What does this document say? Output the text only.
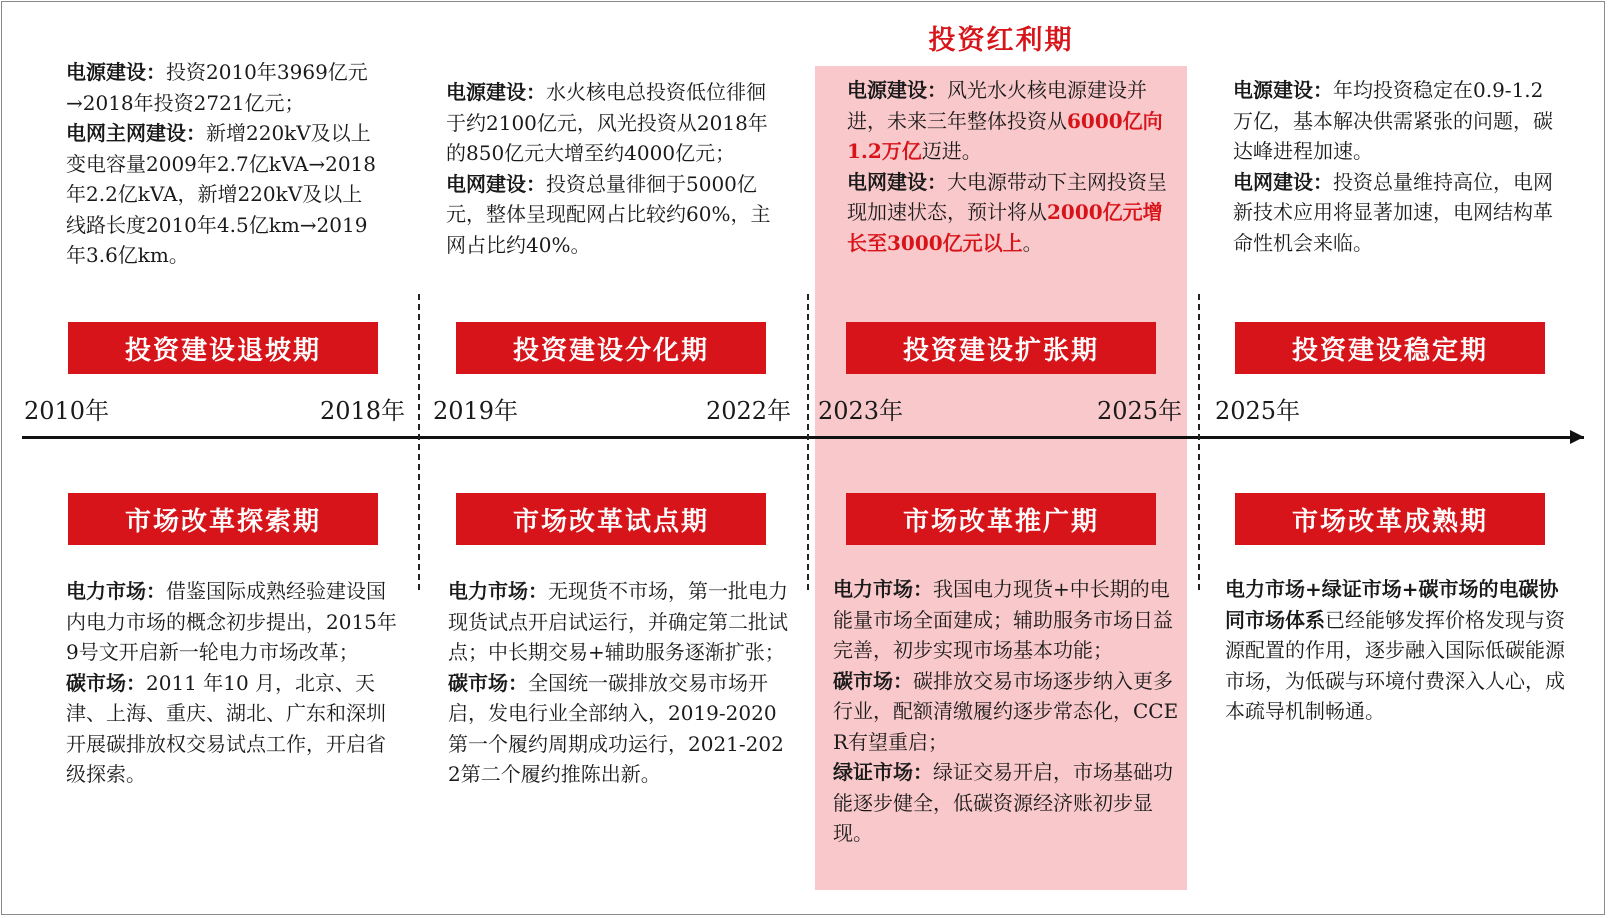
投资红利期
电源建设：投资2010年3969亿元→2018年投资2721亿元；
电网主网建设：新增220kV及以上变电容量2009年2.7亿kVA→2018年2.2亿kVA，新增220kV及以上线路长度2010年4.5亿km→2019年3.6亿km。
电源建设：水火核电总投资低位徘徊于约2100亿元，风光投资从2018年的850亿元大增至约4000亿元；
电网建设：投资总量徘徊于5000亿元，整体呈现配网占比较约60%，主网占比约40%。
电源建设：风光水火核电源建设并进，未来三年整体投资从6000亿向1.2万亿迈进。
电网建设：大电源带动下主网投资呈现加速状态，预计将从2000亿元增长至3000亿元以上。
电源建设：年均投资稳定在0.9-1.2万亿，基本解决供需紧张的问题，碳达峰进程加速。
电网建设：投资总量维持高位，电网新技术应用将显著加速，电网结构革命性机会来临。
投资建设退坡期	投资建设分化期	投资建设扩张期	投资建设稳定期
2010年	2018年 2019年	2022年 2023年	2025年 2025年
市场改革探索期	市场改革试点期	市场改革推广期	市场改革成熟期
电力市场：借鉴国际成熟经验建设国内电力市场的概念初步提出，2015年9号文开启新一轮电力市场改革；
碳市场：2011 年10 月，北京、天津、上海、重庆、湖北、广东和深圳开展碳排放权交易试点工作，开启省级探索。
电力市场：无现货不市场，第一批电力现货试点开启试运行，并确定第二批试点；中长期交易+辅助服务逐渐扩张；
碳市场：全国统一碳排放交易市场开启，发电行业全部纳入，2019-2020第一个履约周期成功运行，2021-2022第二个履约推陈出新。
电力市场：我国电力现货+中长期的电能量市场全面建成；辅助服务市场日益完善，初步实现市场基本功能；
碳市场：碳排放交易市场逐步纳入更多行业，配额清缴履约逐步常态化，CCER有望重启；
绿证市场：绿证交易开启，市场基础功能逐步健全，低碳资源经济账初步显现。
电力市场+绿证市场+碳市场的电碳协同市场体系已经能够发挥价格发现与资源配置的作用，逐步融入国际低碳能源市场，为低碳与环境付费深入人心，成本疏导机制畅通。
